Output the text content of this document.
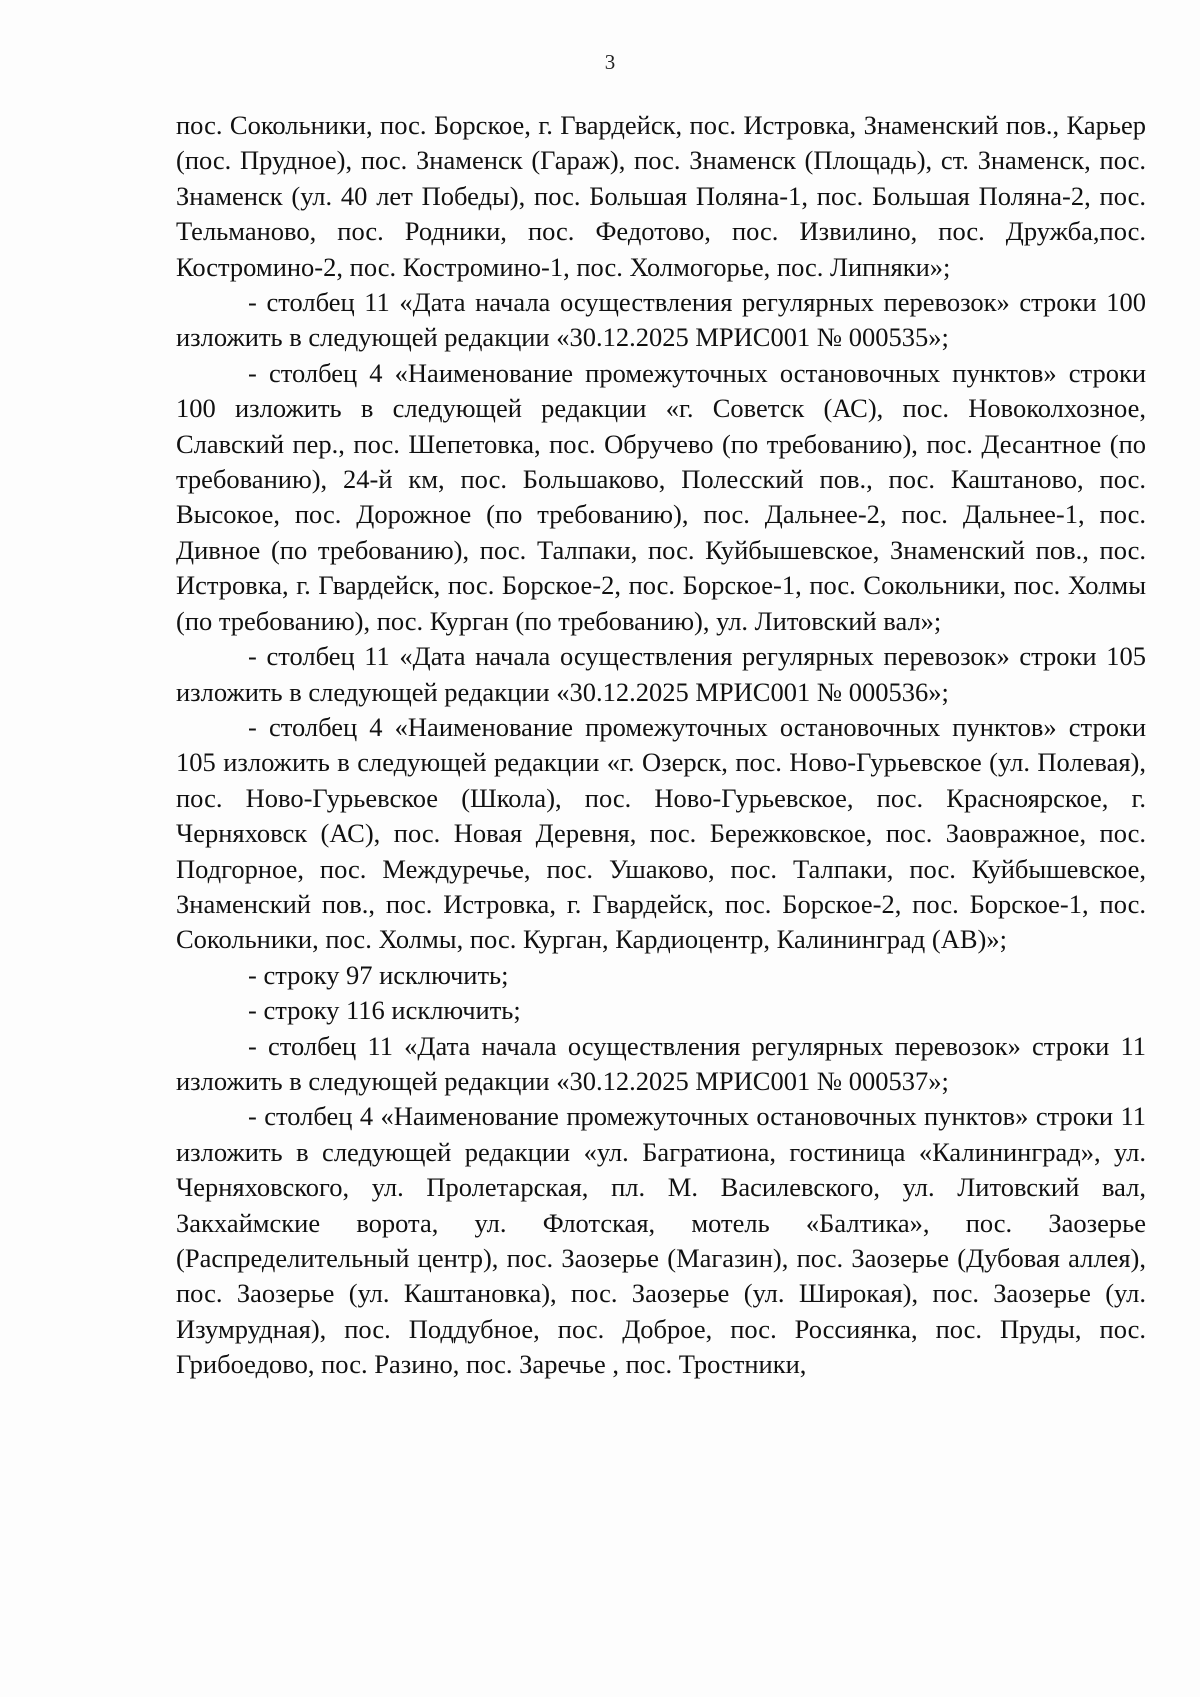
3

пос. Сокольники, пос. Борское, г. Гвардейск, пос. Истровка, Знаменский пов., Карьер (пос. Прудное), пос. Знаменск (Гараж), пос. Знаменск (Площадь), ст. Знаменск, пос. Знаменск (ул. 40 лет Победы), пос. Большая Поляна-1, пос. Большая Поляна-2, пос. Тельманово, пос. Родники, пос. Федотово, пос. Извилино, пос. Дружба,пос. Костромино-2, пос. Костромино-1, пос. Холмогорье, пос. Липняки»;

- столбец 11 «Дата начала осуществления регулярных перевозок» строки 100 изложить в следующей редакции «30.12.2025 МРИС001 № 000535»;

- столбец 4 «Наименование промежуточных остановочных пунктов» строки 100 изложить в следующей редакции «г. Советск (АС), пос. Новоколхозное, Славский пер., пос. Шепетовка, пос. Обручево (по требованию), пос. Десантное (по требованию), 24-й км, пос. Большаково, Полесский пов., пос. Каштаново, пос. Высокое, пос. Дорожное (по требованию), пос. Дальнее-2, пос. Дальнее-1, пос. Дивное (по требованию), пос. Талпаки, пос. Куйбышевское, Знаменский пов., пос. Истровка, г. Гвардейск, пос. Борское-2, пос. Борское-1, пос. Сокольники, пос. Холмы (по требованию), пос. Курган (по требованию), ул. Литовский вал»;

- столбец 11 «Дата начала осуществления регулярных перевозок» строки 105 изложить в следующей редакции «30.12.2025 МРИС001 № 000536»;

- столбец 4 «Наименование промежуточных остановочных пунктов» строки 105 изложить в следующей редакции «г. Озерск, пос. Ново-Гурьевское (ул. Полевая), пос. Ново-Гурьевское (Школа), пос. Ново-Гурьевское, пос. Красноярское, г. Черняховск (АС), пос. Новая Деревня, пос. Бережковское, пос. Заовражное, пос. Подгорное, пос. Междуречье, пос. Ушаково, пос. Талпаки, пос. Куйбышевское, Знаменский пов., пос. Истровка, г. Гвардейск, пос. Борское-2, пос. Борское-1, пос. Сокольники, пос. Холмы, пос. Курган, Кардиоцентр, Калининград (АВ)»;

- строку 97 исключить;

- строку 116 исключить;

- столбец 11 «Дата начала осуществления регулярных перевозок» строки 11 изложить в следующей редакции «30.12.2025 МРИС001 № 000537»;

- столбец 4 «Наименование промежуточных остановочных пунктов» строки 11 изложить в следующей редакции «ул. Багратиона, гостиница «Калининград», ул. Черняховского, ул. Пролетарская, пл. М. Василевского, ул. Литовский вал, Закхаймские ворота, ул. Флотская, мотель «Балтика», пос. Заозерье (Распределительный центр), пос. Заозерье (Магазин), пос. Заозерье (Дубовая аллея), пос. Заозерье (ул. Каштановка), пос. Заозерье (ул. Широкая), пос. Заозерье (ул. Изумрудная), пос. Поддубное, пос. Доброе, пос. Россиянка, пос. Пруды, пос. Грибоедово, пос. Разино, пос. Заречье , пос. Тростники,
